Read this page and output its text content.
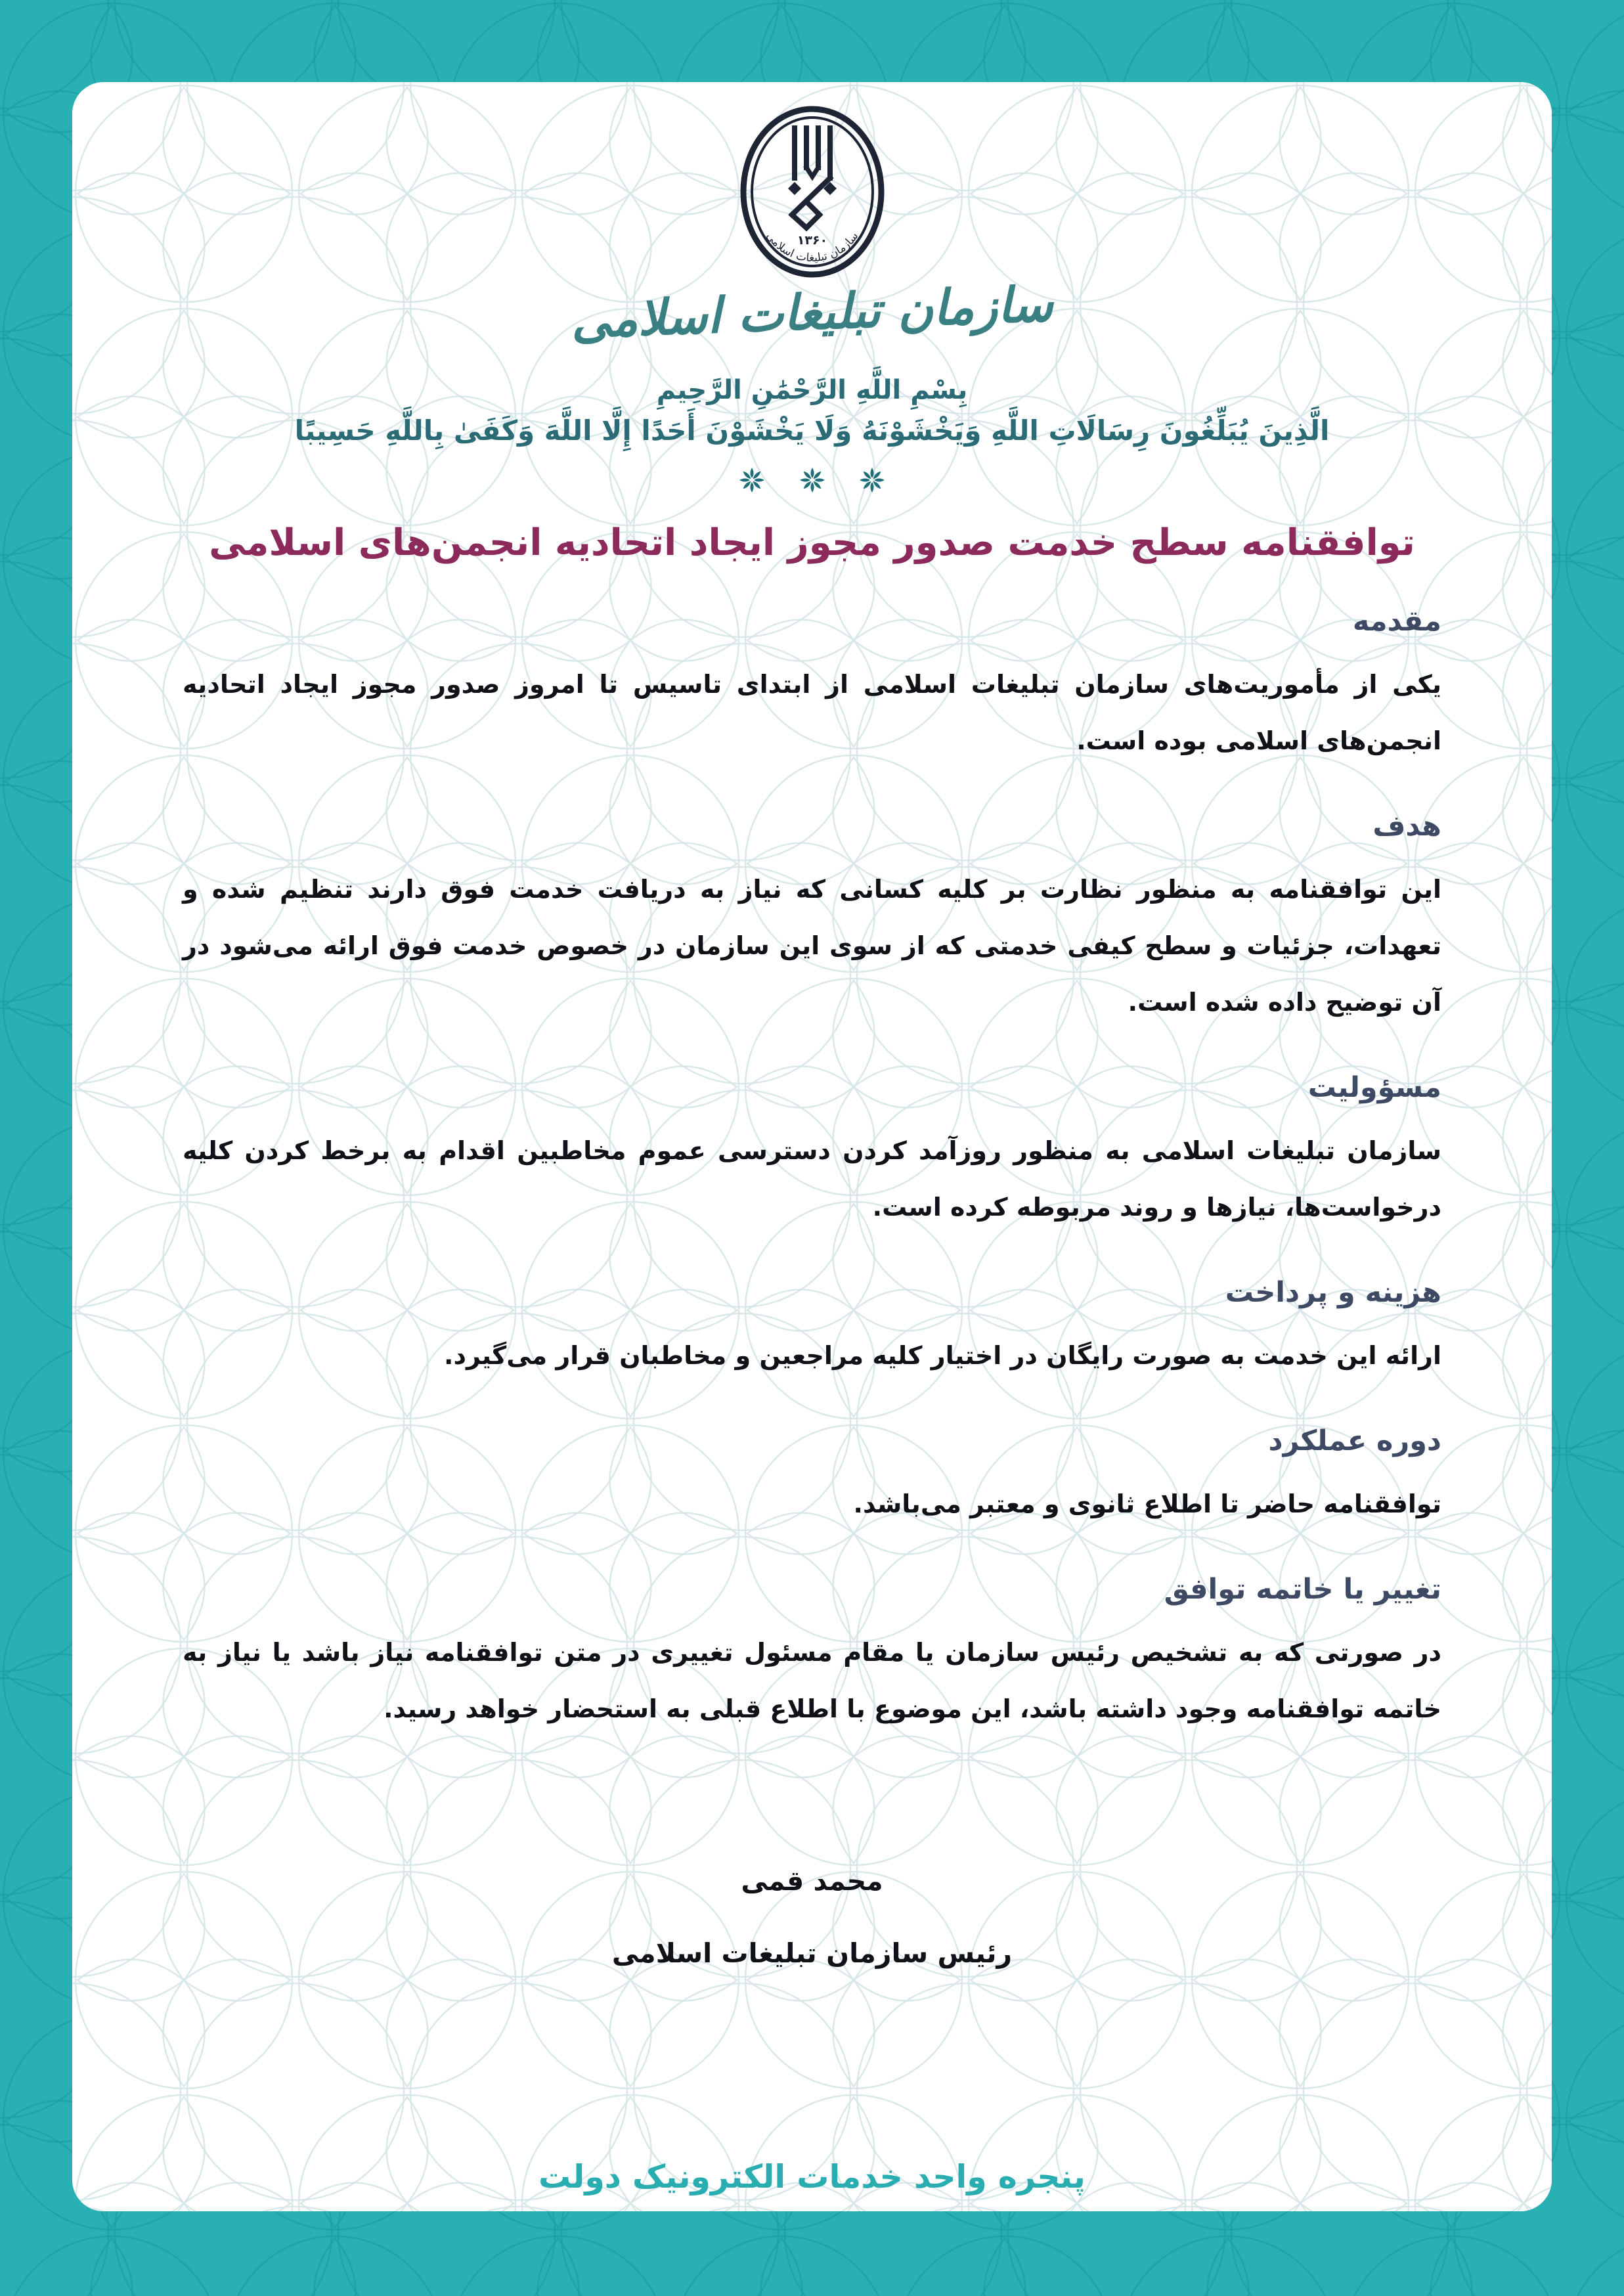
۱۳۶۰
سازمان تبلیغات اسلامی
سازمان تبلیغات اسلامی
بِسْمِ اللَّهِ الرَّحْمَٰنِ الرَّحِيمِ
الَّذِينَ يُبَلِّغُونَ رِسَالَاتِ اللَّهِ وَيَخْشَوْنَهُ وَلَا يَخْشَوْنَ أَحَدًا إِلَّا اللَّهَ وَكَفَىٰ بِاللَّهِ حَسِيبًا

توافقنامه سطح خدمت صدور مجوز ایجاد اتحادیه انجمن‌های اسلامی
مقدمه
یکی از مأموریت‌های سازمان تبلیغات اسلامی از ابتدای تاسیس تا امروز صدور مجوز ایجاد اتحادیه انجمن‌های اسلامی بوده است.
هدف
این توافقنامه به منظور نظارت بر کلیه کسانی که نیاز به دریافت خدمت فوق دارند تنظیم شده و تعهدات، جزئیات و سطح کیفی خدمتی که از سوی این سازمان در خصوص خدمت فوق ارائه می‌شود در آن توضیح داده شده است.
مسؤولیت
سازمان تبلیغات اسلامی به منظور روزآمد کردن دسترسی عموم مخاطبین اقدام به برخط کردن کلیه درخواست‌ها، نیازها و روند مربوطه کرده است.
هزینه و پرداخت
ارائه این خدمت به صورت رایگان در اختیار کلیه مراجعین و مخاطبان قرار می‌گیرد.
دوره عملکرد
توافقنامه حاضر تا اطلاع ثانوی و معتبر می‌باشد.
تغییر یا خاتمه توافق
در صورتی که به تشخیص رئیس سازمان یا مقام مسئول تغییری در متن توافقنامه نیاز باشد یا نیاز به خاتمه توافقنامه وجود داشته باشد، این موضوع با اطلاع قبلی به استحضار خواهد رسید.
محمد قمی
رئیس سازمان تبلیغات اسلامی
پنجره واحد خدمات الکترونیک دولت
